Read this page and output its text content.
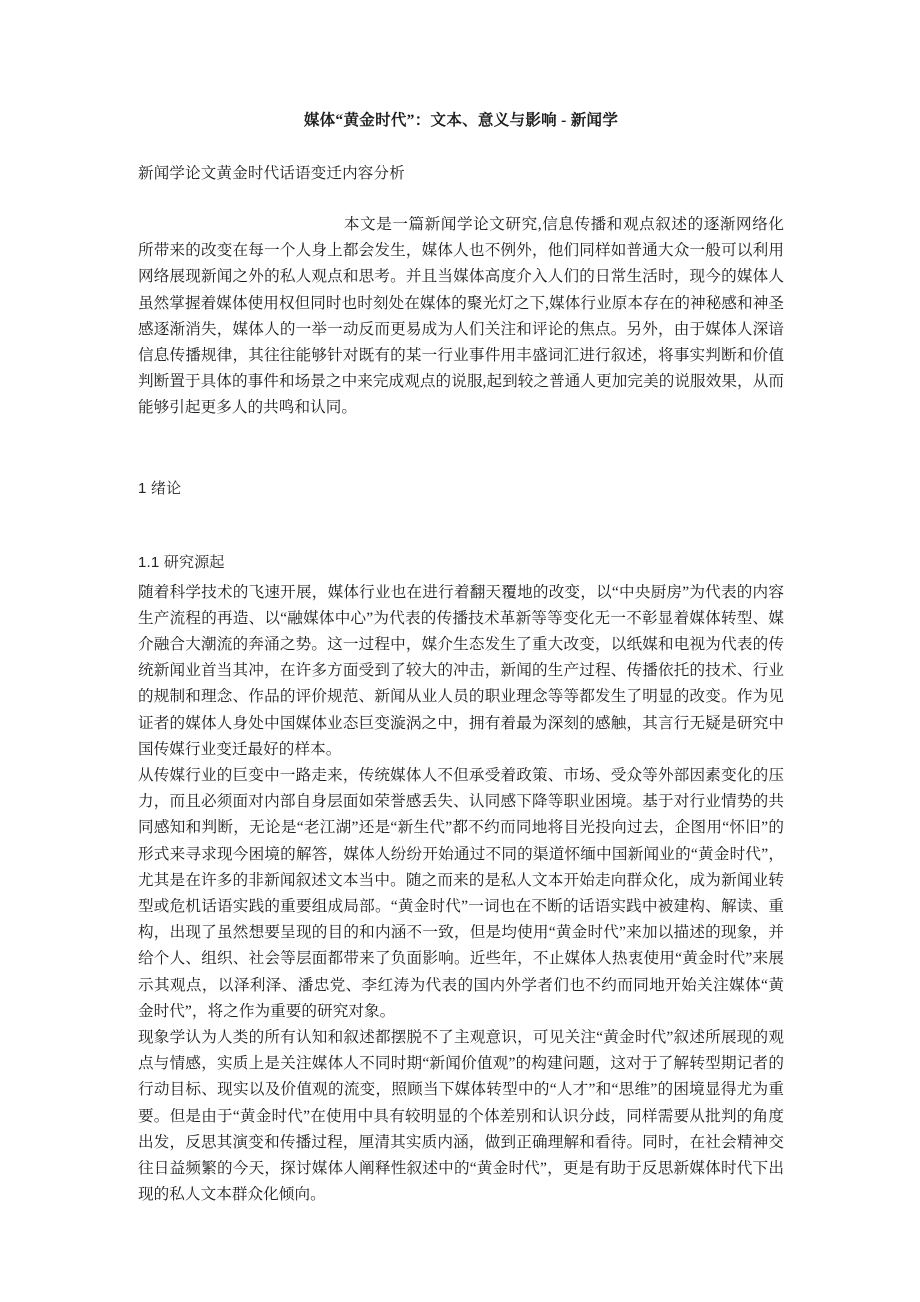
媒体“黄金时代”：文本、意义与影响 - 新闻学

新闻学论文黄金时代话语变迁内容分析

本文是一篇新闻学论文研究,信息传播和观点叙述的逐渐网络化所带来的改变在每一个人身上都会发生，媒体人也不例外，他们同样如普通大众一般可以利用网络展现新闻之外的私人观点和思考。并且当媒体高度介入人们的日常生活时，现今的媒体人虽然掌握着媒体使用权但同时也时刻处在媒体的聚光灯之下,媒体行业原本存在的神秘感和神圣感逐渐消失，媒体人的一举一动反而更易成为人们关注和评论的焦点。另外，由于媒体人深谙信息传播规律，其往往能够针对既有的某一行业事件用丰盛词汇进行叙述，将事实判断和价值判断置于具体的事件和场景之中来完成观点的说服,起到较之普通人更加完美的说服效果，从而能够引起更多人的共鸣和认同。

1 绪论
1.1 研究源起

随着科学技术的飞速开展，媒体行业也在进行着翻天覆地的改变，以“中央厨房”为代表的内容生产流程的再造、以“融媒体中心”为代表的传播技术革新等等变化无一不彰显着媒体转型、媒介融合大潮流的奔涌之势。这一过程中，媒介生态发生了重大改变，以纸媒和电视为代表的传统新闻业首当其冲，在许多方面受到了较大的冲击，新闻的生产过程、传播依托的技术、行业的规制和理念、作品的评价规范、新闻从业人员的职业理念等等都发生了明显的改变。作为见证者的媒体人身处中国媒体业态巨变漩涡之中，拥有着最为深刻的感触，其言行无疑是研究中国传媒行业变迁最好的样本。

从传媒行业的巨变中一路走来，传统媒体人不但承受着政策、市场、受众等外部因素变化的压力，而且必须面对内部自身层面如荣誉感丢失、认同感下降等职业困境。基于对行业情势的共同感知和判断，无论是“老江湖”还是“新生代”都不约而同地将目光投向过去，企图用“怀旧”的形式来寻求现今困境的解答，媒体人纷纷开始通过不同的渠道怀缅中国新闻业的“黄金时代”，尤其是在许多的非新闻叙述文本当中。随之而来的是私人文本开始走向群众化，成为新闻业转型或危机话语实践的重要组成局部。“黄金时代”一词也在不断的话语实践中被建构、解读、重构，出现了虽然想要呈现的目的和内涵不一致，但是均使用“黄金时代”来加以描述的现象，并给个人、组织、社会等层面都带来了负面影响。近些年，不止媒体人热衷使用“黄金时代”来展示其观点，以泽利泽、潘忠党、李红涛为代表的国内外学者们也不约而同地开始关注媒体“黄金时代”，将之作为重要的研究对象。

现象学认为人类的所有认知和叙述都摆脱不了主观意识，可见关注“黄金时代”叙述所展现的观点与情感，实质上是关注媒体人不同时期“新闻价值观”的构建问题，这对于了解转型期记者的行动目标、现实以及价值观的流变，照顾当下媒体转型中的“人才”和“思维”的困境显得尤为重要。但是由于“黄金时代”在使用中具有较明显的个体差别和认识分歧，同样需要从批判的角度出发，反思其演变和传播过程，厘清其实质内涵，做到正确理解和看待。同时，在社会精神交往日益频繁的今天，探讨媒体人阐释性叙述中的“黄金时代”，更是有助于反思新媒体时代下出现的私人文本群众化倾向。
